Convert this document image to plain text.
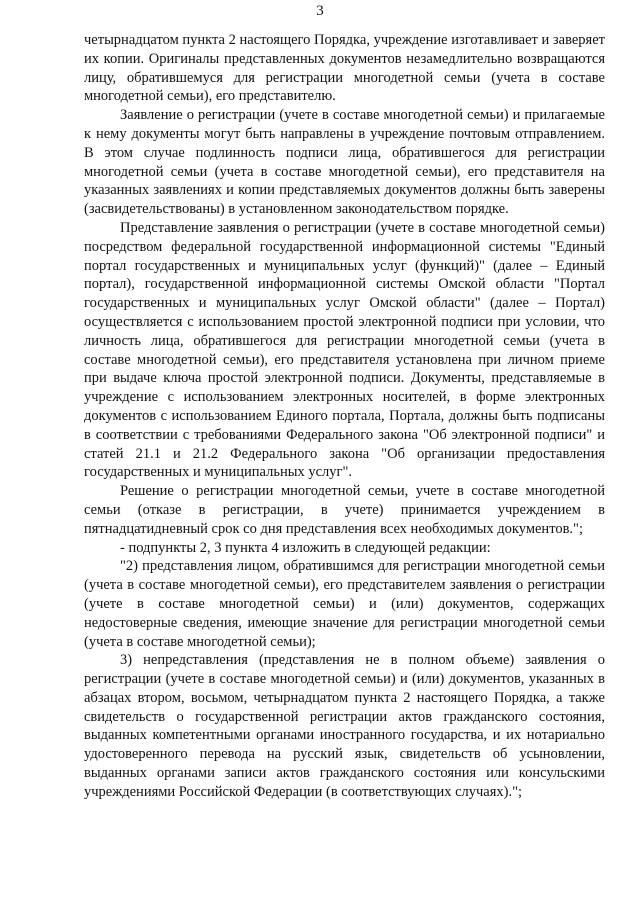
3

четырнадцатом пункта 2 настоящего Порядка, учреждение изготавливает и заверяет их копии. Оригиналы представленных документов незамедлительно возвращаются лицу, обратившемуся для регистрации многодетной семьи (учета в составе многодетной семьи), его представителю.

Заявление о регистрации (учете в составе многодетной семьи) и прилагаемые к нему документы могут быть направлены в учреждение почтовым отправлением. В этом случае подлинность подписи лица, обратившегося для регистрации многодетной семьи (учета в составе многодетной семьи), его представителя на указанных заявлениях и копии представляемых документов должны быть заверены (засвидетельствованы) в установленном законодательством порядке.

Представление заявления о регистрации (учете в составе многодетной семьи) посредством федеральной государственной информационной системы "Единый портал государственных и муниципальных услуг (функций)" (далее – Единый портал), государственной информационной системы Омской области "Портал государственных и муниципальных услуг Омской области" (далее – Портал) осуществляется с использованием простой электронной подписи при условии, что личность лица, обратившегося для регистрации многодетной семьи (учета в составе многодетной семьи), его представителя установлена при личном приеме при выдаче ключа простой электронной подписи. Документы, представляемые в учреждение с использованием электронных носителей, в форме электронных документов с использованием Единого портала, Портала, должны быть подписаны в соответствии с требованиями Федерального закона "Об электронной подписи" и статей 21.1 и 21.2 Федерального закона "Об организации предоставления государственных и муниципальных услуг".

Решение о регистрации многодетной семьи, учете в составе многодетной семьи (отказе в регистрации, в учете) принимается учреждением в пятнадцатидневный срок со дня представления всех необходимых документов.";

- подпункты 2, 3 пункта 4 изложить в следующей редакции:

"2) представления лицом, обратившимся для регистрации многодетной семьи (учета в составе многодетной семьи), его представителем заявления о регистрации (учете в составе многодетной семьи) и (или) документов, содержащих недостоверные сведения, имеющие значение для регистрации многодетной семьи (учета в составе многодетной семьи);

3) непредставления (представления не в полном объеме) заявления о регистрации (учете в составе многодетной семьи) и (или) документов, указанных в абзацах втором, восьмом, четырнадцатом пункта 2 настоящего Порядка, а также свидетельств о государственной регистрации актов гражданского состояния, выданных компетентными органами иностранного государства, и их нотариально удостоверенного перевода на русский язык, свидетельств об усыновлении, выданных органами записи актов гражданского состояния или консульскими учреждениями Российской Федерации (в соответствующих случаях).";
